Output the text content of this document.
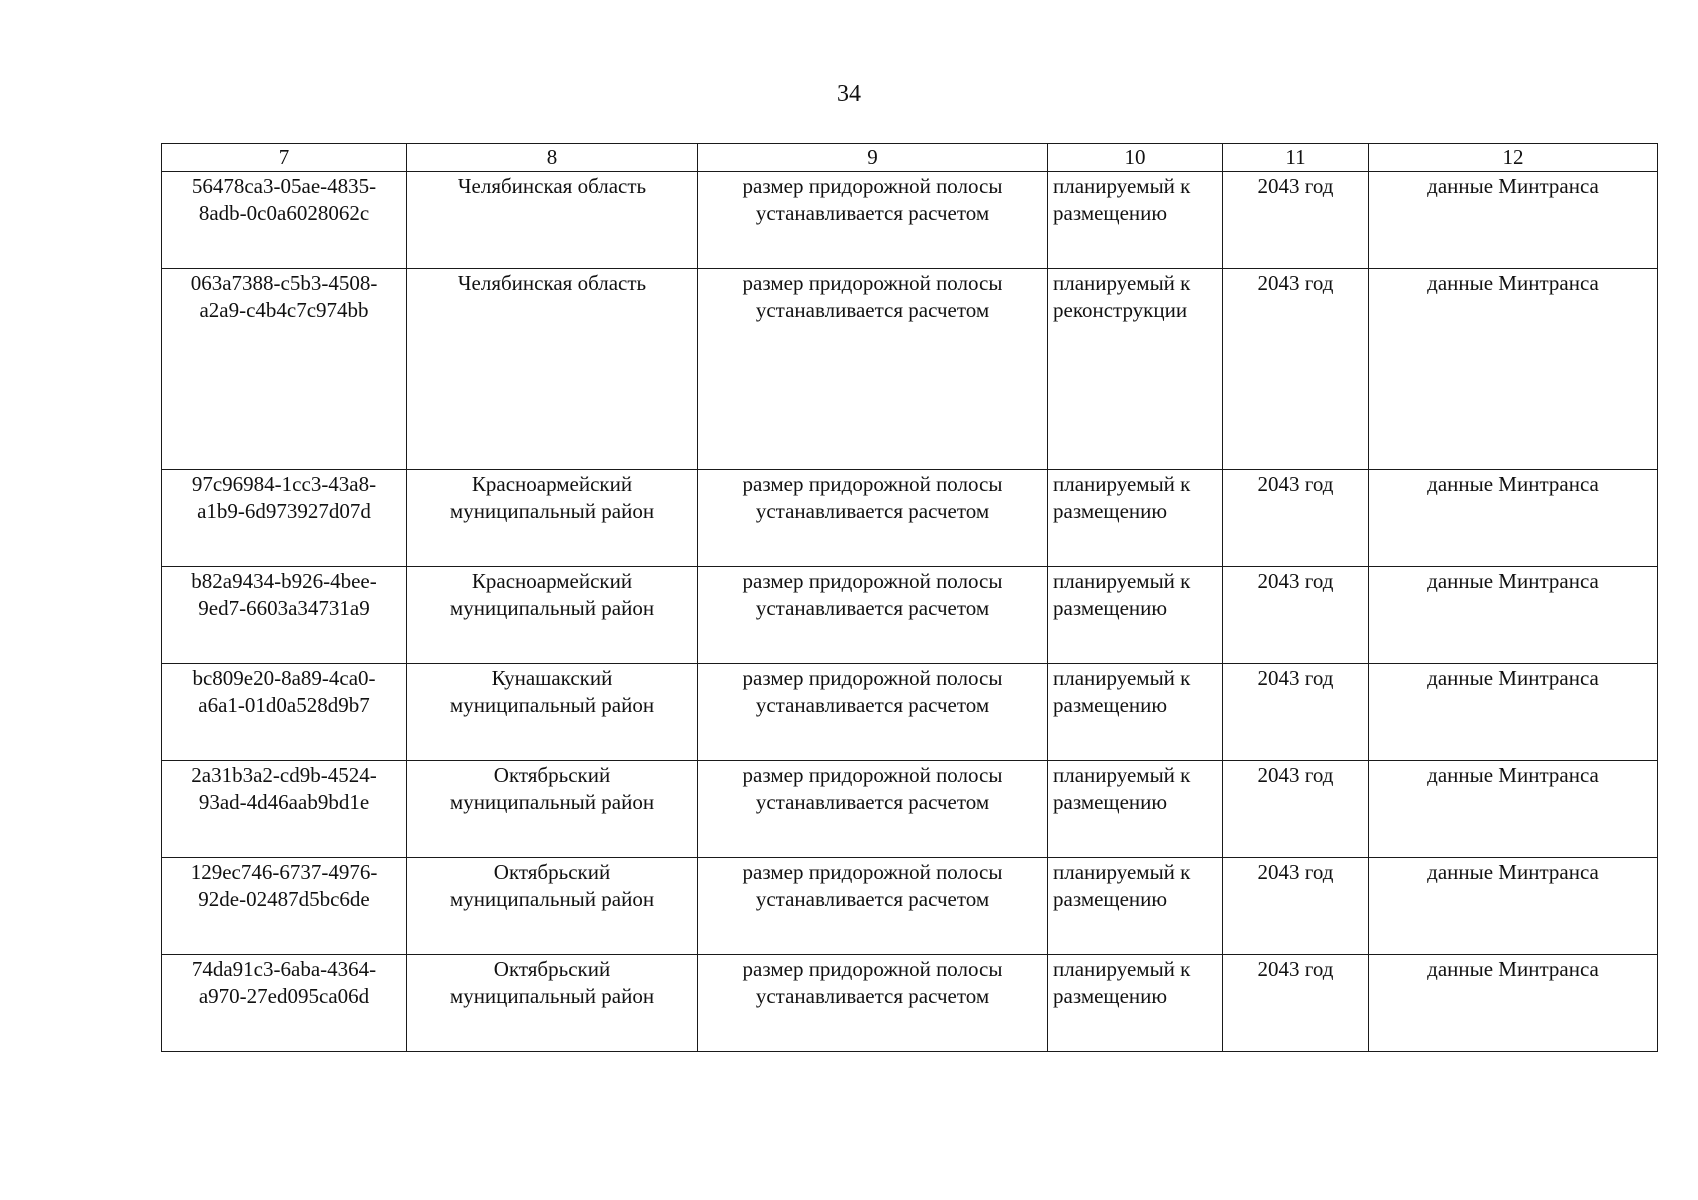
34
7	8	9	10	11	12

56478ca3-05ae-4835-
8adb-0c0a6028062c	Челябинская область	размер придорожной полосы
устанавливается расчетом	планируемый к
размещению	2043 год	данные Минтранса

063a7388-c5b3-4508-
a2a9-c4b4c7c974bb	Челябинская область	размер придорожной полосы
устанавливается расчетом	планируемый к
реконструкции	2043 год	данные Минтранса

97c96984-1cc3-43a8-
a1b9-6d973927d07d	Красноармейский
муниципальный район	размер придорожной полосы
устанавливается расчетом	планируемый к
размещению	2043 год	данные Минтранса

b82a9434-b926-4bee-
9ed7-6603a34731a9	Красноармейский
муниципальный район	размер придорожной полосы
устанавливается расчетом	планируемый к
размещению	2043 год	данные Минтранса

bc809e20-8a89-4ca0-
a6a1-01d0a528d9b7	Кунашакский
муниципальный район	размер придорожной полосы
устанавливается расчетом	планируемый к
размещению	2043 год	данные Минтранса

2a31b3a2-cd9b-4524-
93ad-4d46aab9bd1e	Октябрьский
муниципальный район	размер придорожной полосы
устанавливается расчетом	планируемый к
размещению	2043 год	данные Минтранса

129ec746-6737-4976-
92de-02487d5bc6de	Октябрьский
муниципальный район	размер придорожной полосы
устанавливается расчетом	планируемый к
размещению	2043 год	данные Минтранса

74da91c3-6aba-4364-
a970-27ed095ca06d	Октябрьский
муниципальный район	размер придорожной полосы
устанавливается расчетом	планируемый к
размещению	2043 год	данные Минтранса
